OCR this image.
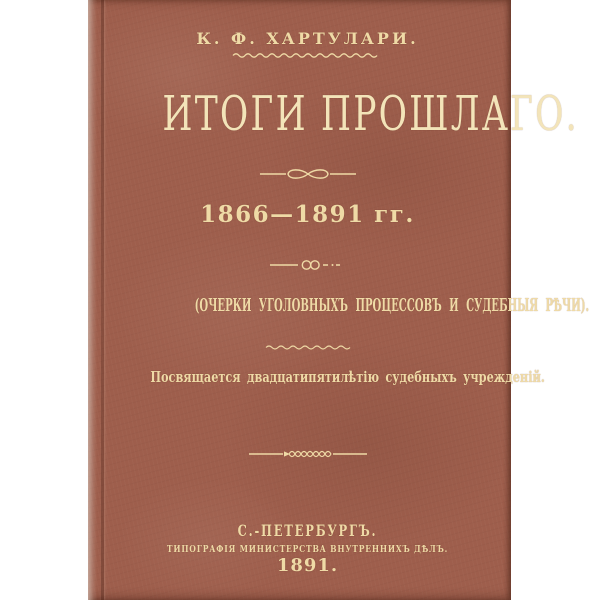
К. Ф. ХАРТУЛАРИ.
ИТОГИ ПРОШЛАГО.
1866—1891 гг.
(ОЧЕРКИ УГОЛОВНЫХЪ ПРОЦЕССОВЪ И СУДЕБНЫЯ РѢЧИ).
Посвящается двадцатипятилѣтію судебныхъ учрежденій.
С.-ПЕТЕРБУРГЪ.
ТИПОГРАФІЯ МИНИСТЕРСТВА ВНУТРЕННИХЪ ДѢЛЪ.
1891.
